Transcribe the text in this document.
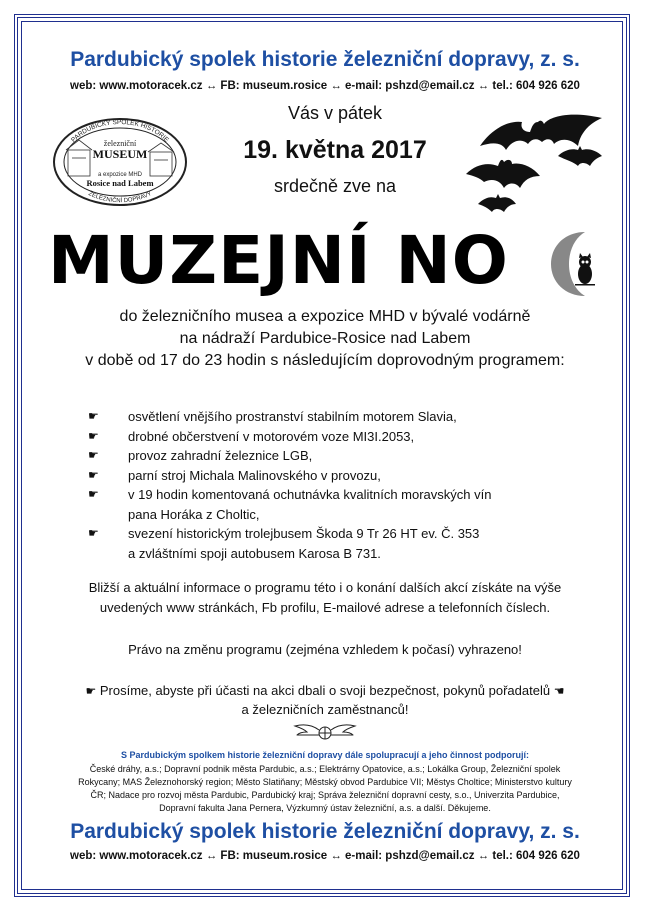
Pardubický spolek historie železniční dopravy, z. s.
web: www.motoracek.cz ↔ FB: museum.rosice ↔ e-mail: pshzd@email.cz ↔ tel.: 604 926 620
PARDUBICKÝ SPOLEK HISTORIE
ŽELEZNIČNÍ DOPRAVY
železniční
MUSEUM
a expozice MHD
Rosice nad Labem
Vás v pátek
19. května 2017
srdečně zve na
MUZEJNÍ NO
do železničního musea a expozice MHD v bývalé vodárně
na nádraží Pardubice-Rosice nad Labem
v době od 17 do 23 hodin s následujícím doprovodným programem:
☛ osvětlení vnějšího prostranství stabilním motorem Slavia,
☛ drobné občerstvení v motorovém voze MI3I.2053,
☛ provoz zahradní železnice LGB,
☛ parní stroj Michala Malinovského v provozu,
☛ v 19 hodin komentovaná ochutnávka kvalitních moravských vín
pana Horáka z Choltic,
☛ svezení historickým trolejbusem Škoda 9 Tr 26 HT ev. Č. 353
a zvláštními spoji autobusem Karosa B 731.
Bližší a aktuální informace o programu této i o konání dalších akcí získáte na výše
uvedených www stránkách, Fb profilu, E-mailové adrese a telefonních číslech.
Právo na změnu programu (zejména vzhledem k počasí) vyhrazeno!
☛ Prosíme, abyste při účasti na akci dbali o svoji bezpečnost, pokynů pořadatelů ☚
a železničních zaměstnanců!
S Pardubickým spolkem historie železniční dopravy dále spolupracují a jeho činnost podporují:
České dráhy, a.s.; Dopravní podnik města Pardubic, a.s.; Elektrárny Opatovice, a.s.; Lokálka Group, Železniční spolek
Rokycany; MAS Železnohorský region; Město Slatiňany; Městský obvod Pardubice VII; Městys Choltice; Ministerstvo kultury
ČR; Nadace pro rozvoj města Pardubic, Pardubický kraj; Správa železniční dopravní cesty, s.o., Univerzita Pardubice,
Dopravní fakulta Jana Pernera, Výzkumný ústav železniční, a.s. a další. Děkujeme.
Pardubický spolek historie železniční dopravy, z. s.
web: www.motoracek.cz ↔ FB: museum.rosice ↔ e-mail: pshzd@email.cz ↔ tel.: 604 926 620
